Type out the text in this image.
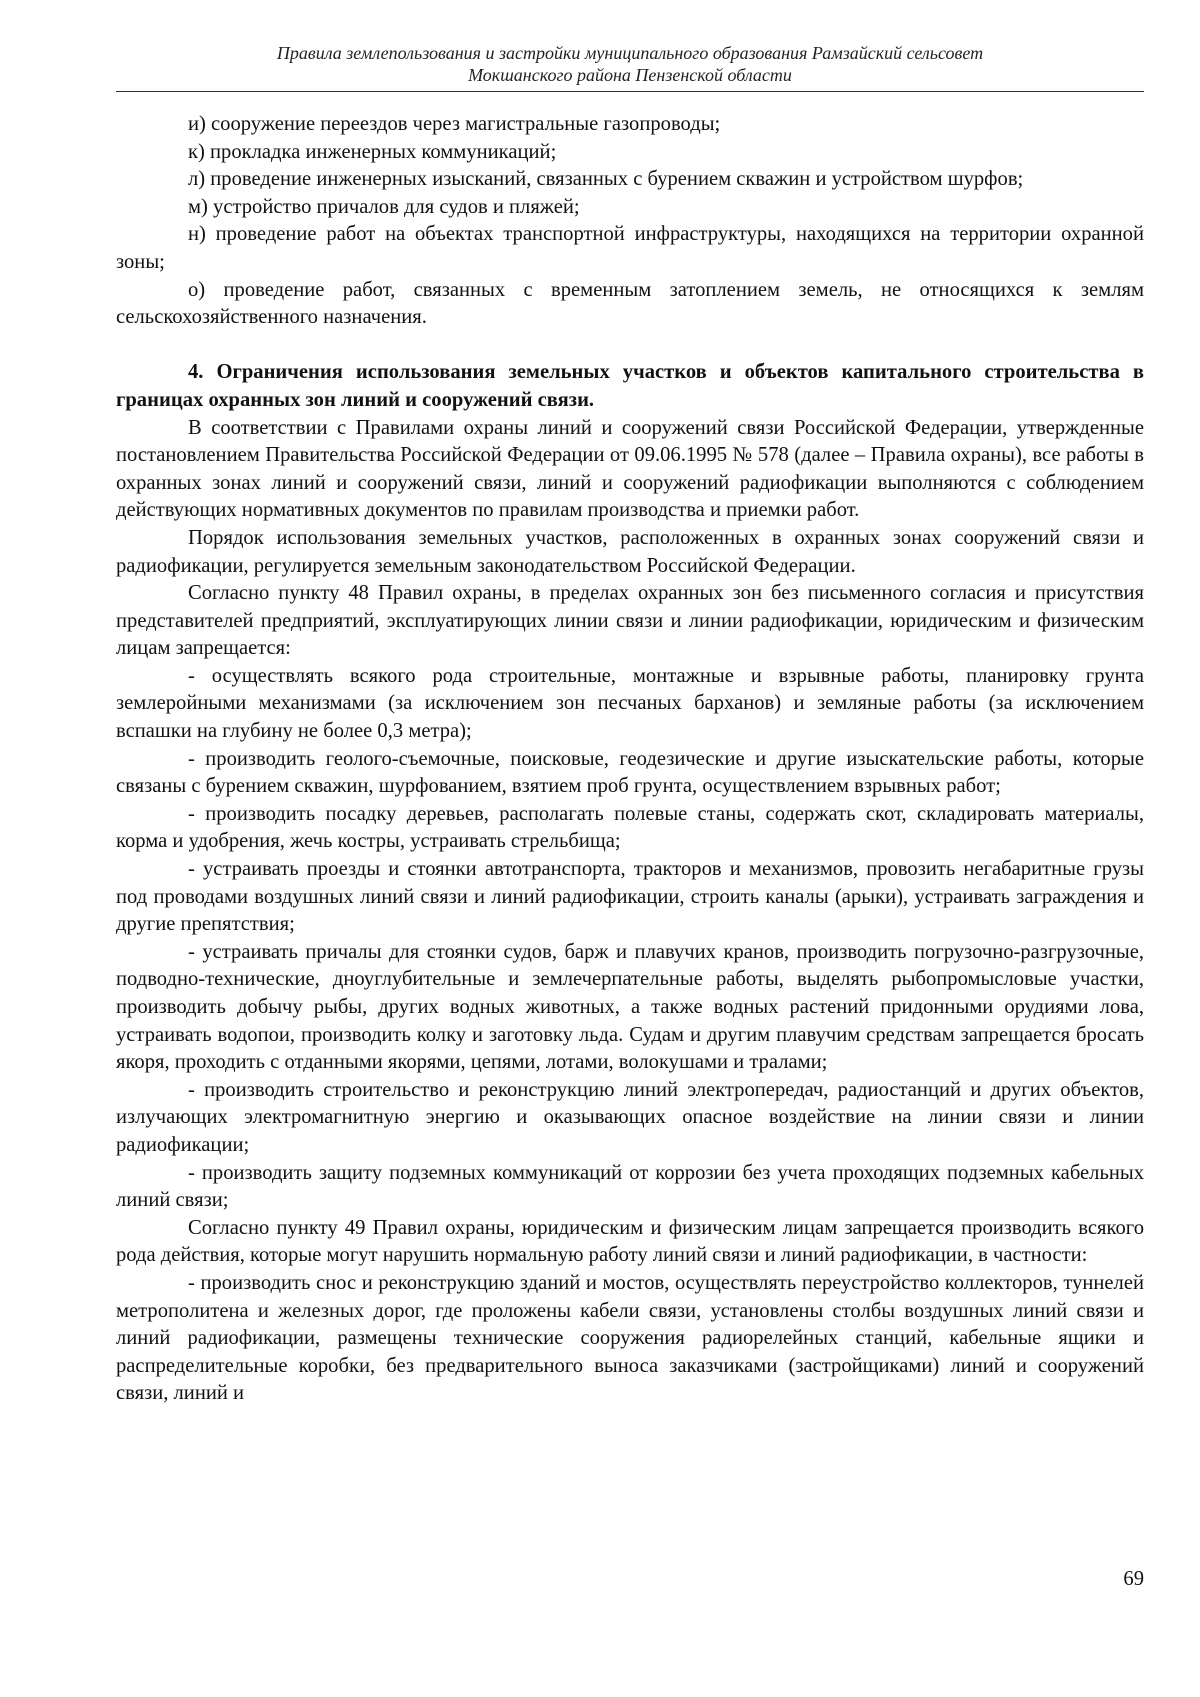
Правила землепользования и застройки муниципального образования Рамзайский сельсовет
Мокшанского района Пензенской области

и) сооружение переездов через магистральные газопроводы;

к) прокладка инженерных коммуникаций;

л) проведение инженерных изысканий, связанных с бурением скважин и устройством шурфов;

м) устройство причалов для судов и пляжей;

н) проведение работ на объектах транспортной инфраструктуры, находящихся на территории охранной зоны;

о) проведение работ, связанных с временным затоплением земель, не относящихся к землям сельскохозяйственного назначения.

4. Ограничения использования земельных участков и объектов капитального строительства в границах охранных зон линий и сооружений связи.

В соответствии с Правилами охраны линий и сооружений связи Российской Федерации, утвержденные постановлением Правительства Российской Федерации от 09.06.1995 № 578 (далее – Правила охраны), все работы в охранных зонах линий и сооружений связи, линий и сооружений радиофикации выполняются с соблюдением действующих нормативных документов по правилам производства и приемки работ.

Порядок использования земельных участков, расположенных в охранных зонах сооружений связи и радиофикации, регулируется земельным законодательством Российской Федерации.

Согласно пункту 48 Правил охраны, в пределах охранных зон без письменного согласия и присутствия представителей предприятий, эксплуатирующих линии связи и линии радиофикации, юридическим и физическим лицам запрещается:

- осуществлять всякого рода строительные, монтажные и взрывные работы, планировку грунта землеройными механизмами (за исключением зон песчаных барханов) и земляные работы (за исключением вспашки на глубину не более 0,3 метра);

- производить геолого-съемочные, поисковые, геодезические и другие изыскательские работы, которые связаны с бурением скважин, шурфованием, взятием проб грунта, осуществлением взрывных работ;

- производить посадку деревьев, располагать полевые станы, содержать скот, складировать материалы, корма и удобрения, жечь костры, устраивать стрельбища;

- устраивать проезды и стоянки автотранспорта, тракторов и механизмов, провозить негабаритные грузы под проводами воздушных линий связи и линий радиофикации, строить каналы (арыки), устраивать заграждения и другие препятствия;

- устраивать причалы для стоянки судов, барж и плавучих кранов, производить погрузочно-разгрузочные, подводно-технические, дноуглубительные и землечерпательные работы, выделять рыбопромысловые участки, производить добычу рыбы, других водных животных, а также водных растений придонными орудиями лова, устраивать водопои, производить колку и заготовку льда. Судам и другим плавучим средствам запрещается бросать якоря, проходить с отданными якорями, цепями, лотами, волокушами и тралами;

- производить строительство и реконструкцию линий электропередач, радиостанций и других объектов, излучающих электромагнитную энергию и оказывающих опасное воздействие на линии связи и линии радиофикации;

- производить защиту подземных коммуникаций от коррозии без учета проходящих подземных кабельных линий связи;

Согласно пункту 49 Правил охраны, юридическим и физическим лицам запрещается производить всякого рода действия, которые могут нарушить нормальную работу линий связи и линий радиофикации, в частности:

- производить снос и реконструкцию зданий и мостов, осуществлять переустройство коллекторов, туннелей метрополитена и железных дорог, где проложены кабели связи, установлены столбы воздушных линий связи и линий радиофикации, размещены технические сооружения радиорелейных станций, кабельные ящики и распределительные коробки, без предварительного выноса заказчиками (застройщиками) линий и сооружений связи, линий и

69
